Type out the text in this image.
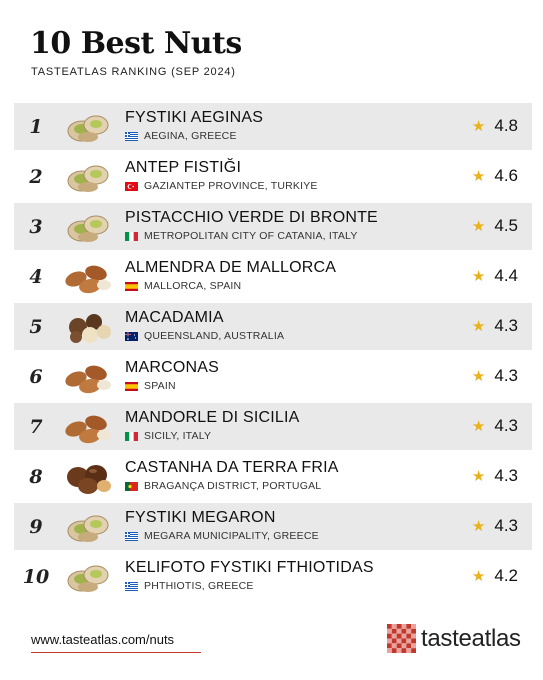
10 Best Nuts
TASTEATLAS RANKING (SEP 2024)
1	FYSTIKI AEGINAS
AEGINA, GREECE
★ 4.8
2	ANTEP FISTIĞI
GAZIANTEP PROVINCE, TURKIYE
★ 4.6
3	PISTACCHIO VERDE DI BRONTE
METROPOLITAN CITY OF CATANIA, ITALY
★ 4.5
4	ALMENDRA DE MALLORCA
MALLORCA, SPAIN
★ 4.4
5	MACADAMIA
QUEENSLAND, AUSTRALIA
★ 4.3
6	MARCONAS
SPAIN
★ 4.3
7	MANDORLE DI SICILIA
SICILY, ITALY
★ 4.3
8	CASTANHA DA TERRA FRIA
BRAGANÇA DISTRICT, PORTUGAL
★ 4.3
9	FYSTIKI MEGARON
MEGARA MUNICIPALITY, GREECE
★ 4.3
10	KELIFOTO FYSTIKI FTHIOTIDAS
PHTHIOTIS, GREECE
★ 4.2
www.tasteatlas.com/nuts	tasteatlas
